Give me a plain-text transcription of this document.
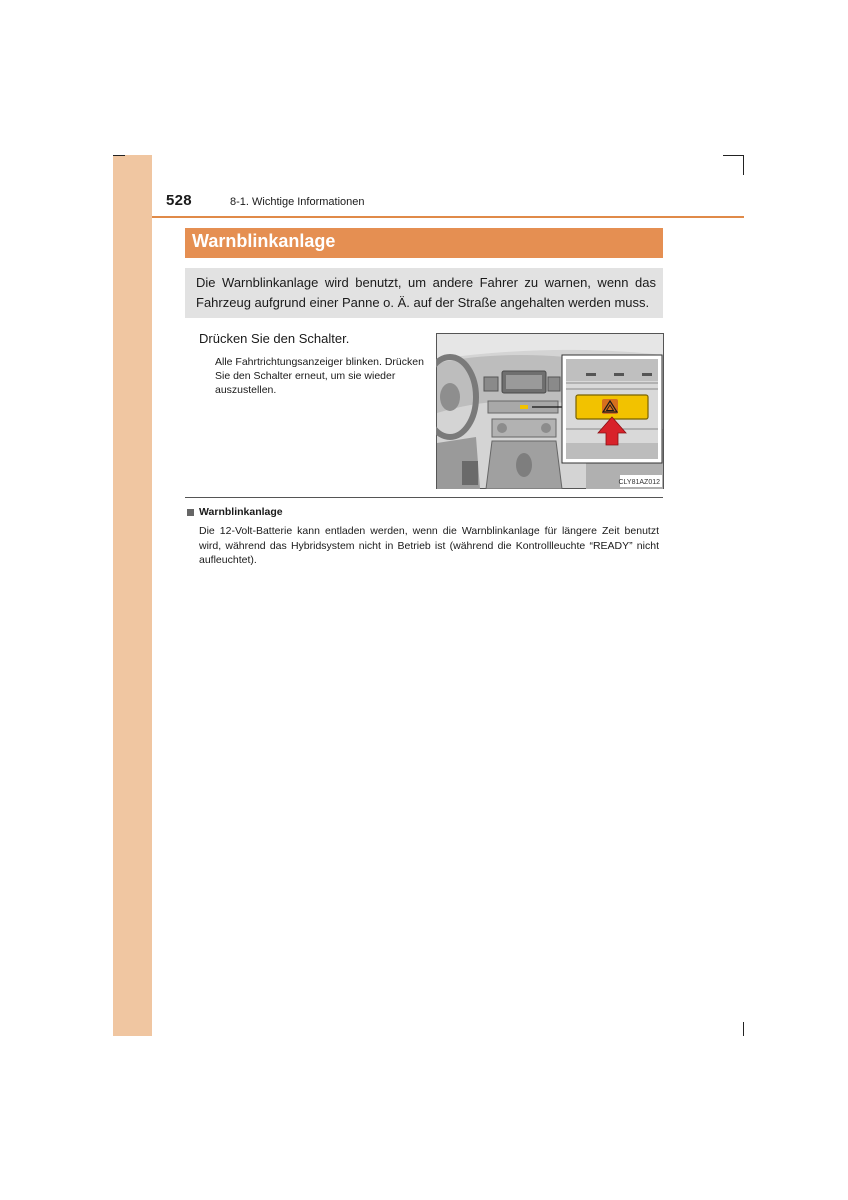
528	8-1. Wichtige Informationen
Warnblinkanlage
Die Warnblinkanlage wird benutzt, um andere Fahrer zu warnen, wenn das Fahrzeug aufgrund einer Panne o. Ä. auf der Straße angehalten werden muss.
Drücken Sie den Schalter.
Alle Fahrtrichtungsanzeiger blinken. Drücken Sie den Schalter erneut, um sie wieder auszustellen.
CLY81AZ012
Warnblinkanlage
Die 12-Volt-Batterie kann entladen werden, wenn die Warnblinkanlage für längere Zeit benutzt wird, während das Hybridsystem nicht in Betrieb ist (während die Kontrollleuchte “READY” nicht aufleuchtet).
